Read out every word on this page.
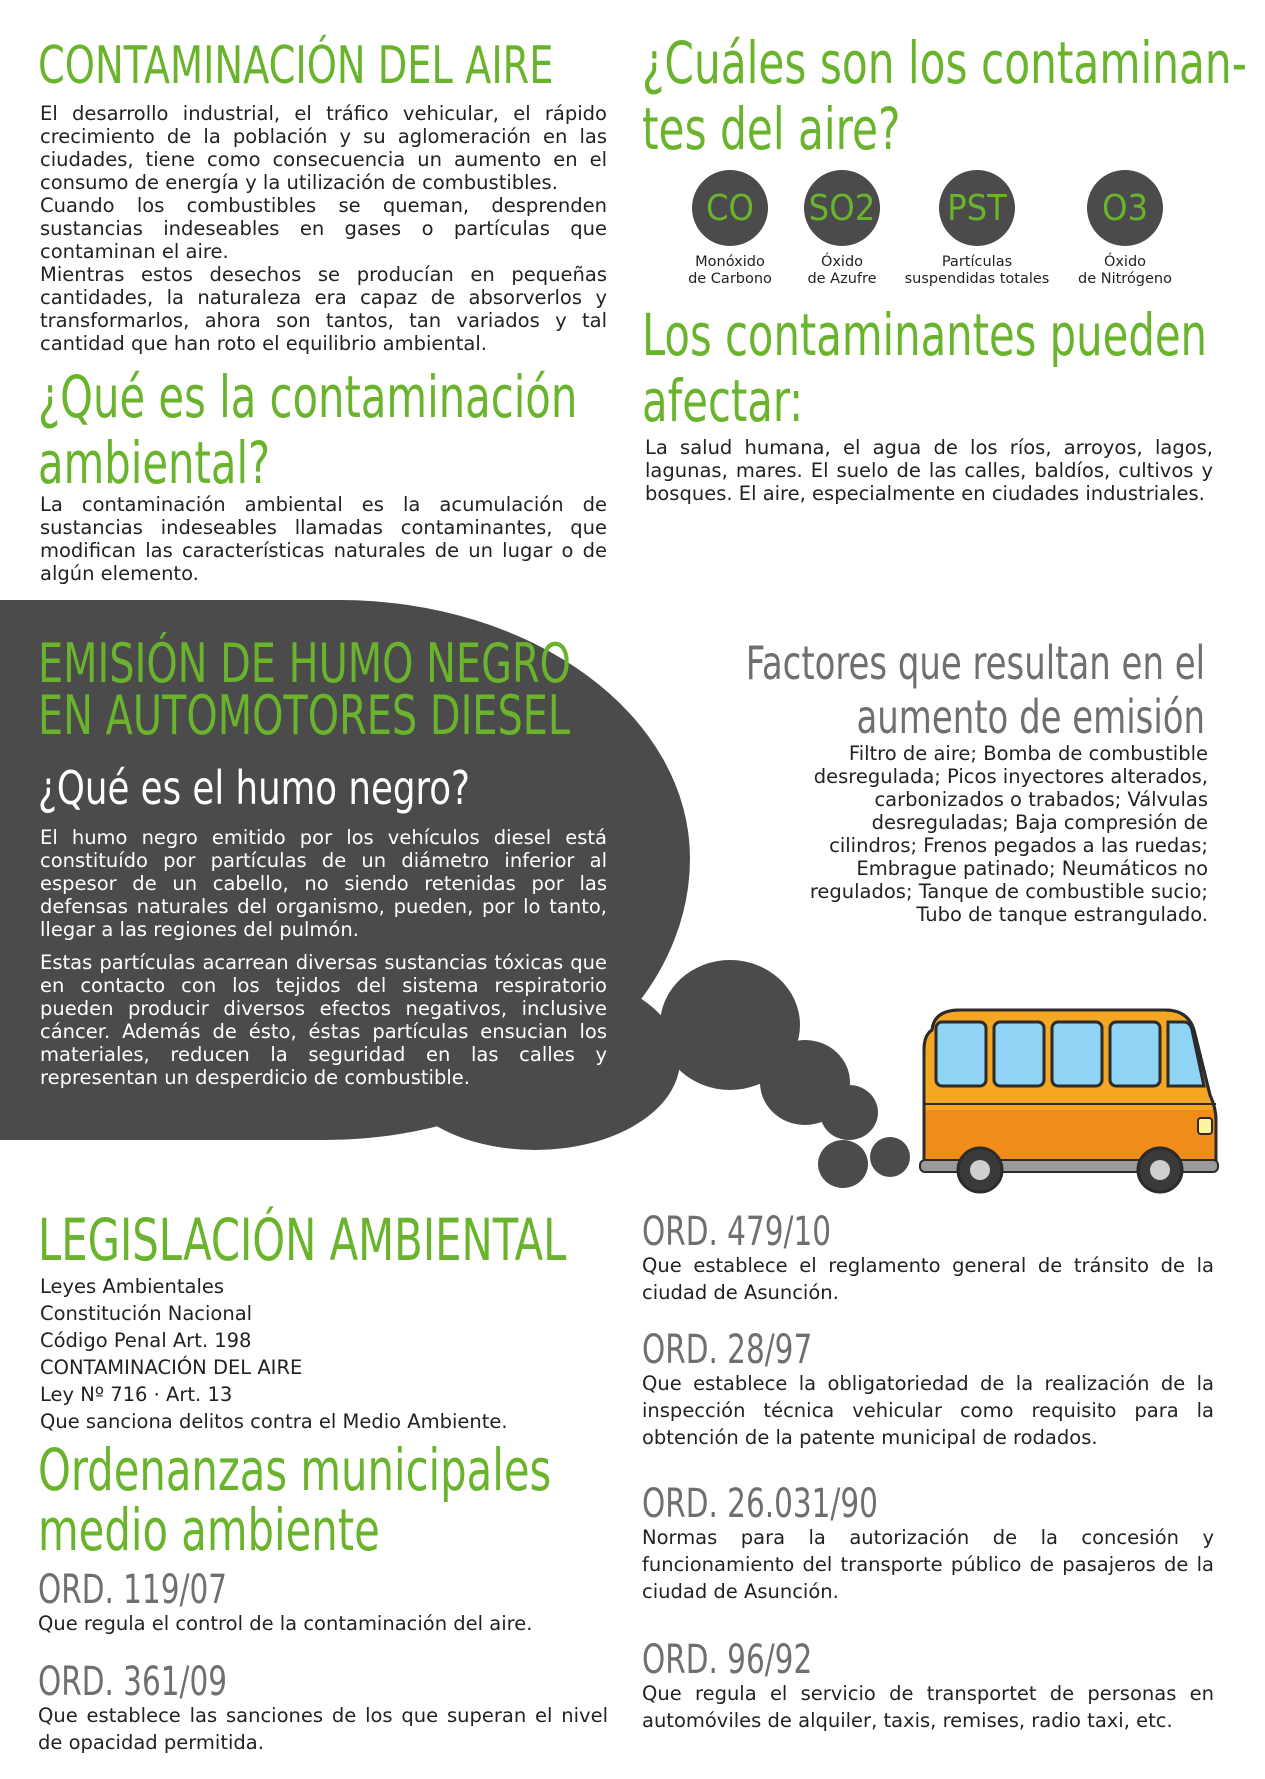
CONTAMINACIÓN DEL AIRE

El desarrollo industrial, el tráfico vehicular, el rápido crecimiento de la población y su aglomeración en las ciudades, tiene como consecuencia un aumento en el consumo de energía y la utilización de combustibles.

Cuando los combustibles se queman, desprenden sustancias indeseables en gases o partículas que contaminan el aire.

Mientras estos desechos se producían en pequeñas cantidades, la naturaleza era capaz de absorverlos y transformarlos, ahora son tantos, tan variados y tal cantidad que han roto el equilibrio ambiental.

¿Qué es la contaminación
ambiental?

La contaminación ambiental es la acumulación de sustancias indeseables llamadas contaminantes, que modifican las características naturales de un lugar o de algún elemento.

¿Cuáles son los contaminan-
tes del aire?
CO
Monóxido
de Carbono
SO2
Óxido
de Azufre
PST
Partículas
suspendidas totales
O3
Óxido
de Nitrógeno
Los contaminantes pueden
afectar:

La salud humana, el agua de los ríos, arroyos, lagos, lagunas, mares. El suelo de las calles, baldíos, cultivos y bosques. El aire, especialmente en ciudades industriales.

EMISIÓN DE HUMO NEGRO
EN AUTOMOTORES DIESEL
¿Qué es el humo negro?

El humo negro emitido por los vehículos diesel está constituído por partículas de un diámetro inferior al espesor de un cabello, no siendo retenidas por las defensas naturales del organismo, pueden, por lo tanto, llegar a las regiones del pulmón.

Estas partículas acarrean diversas sustancias tóxicas que en contacto con los tejidos del sistema respiratorio pueden producir diversos efectos negativos, inclusive cáncer. Además de ésto, éstas partículas ensucian los materiales, reducen la seguridad en las calles y representan un desperdicio de combustible.

Factores que resultan en el
aumento de emisión

Filtro de aire; Bomba de combustible desregulada; Picos inyectores alterados, carbonizados o trabados; Válvulas desreguladas; Baja compresión de cilindros; Frenos pegados a las ruedas; Embrague patinado; Neumáticos no regulados; Tanque de combustible sucio; Tubo de tanque estrangulado.

LEGISLACIÓN AMBIENTAL
Leyes Ambientales
Constitución Nacional
Código Penal Art. 198
CONTAMINACIÓN DEL AIRE
Ley Nº 716 · Art. 13
Que sanciona delitos contra el Medio Ambiente.
Ordenanzas municipales
medio ambiente
ORD. 119/07

Que regula el control de la contaminación del aire.

ORD. 361/09

Que establece las sanciones de los que superan el nivel de opacidad permitida.

ORD. 479/10

Que establece el reglamento general de tránsito de la ciudad de Asunción.

ORD. 28/97

Que establece la obligatoriedad de la realización de la inspección técnica vehicular como requisito para la obtención de la patente municipal de rodados.

ORD. 26.031/90

Normas para la autorización de la concesión y funcionamiento del transporte público de pasajeros de la ciudad de Asunción.

ORD. 96/92

Que regula el servicio de transportet de personas en automóviles de alquiler, taxis, remises, radio taxi, etc.
